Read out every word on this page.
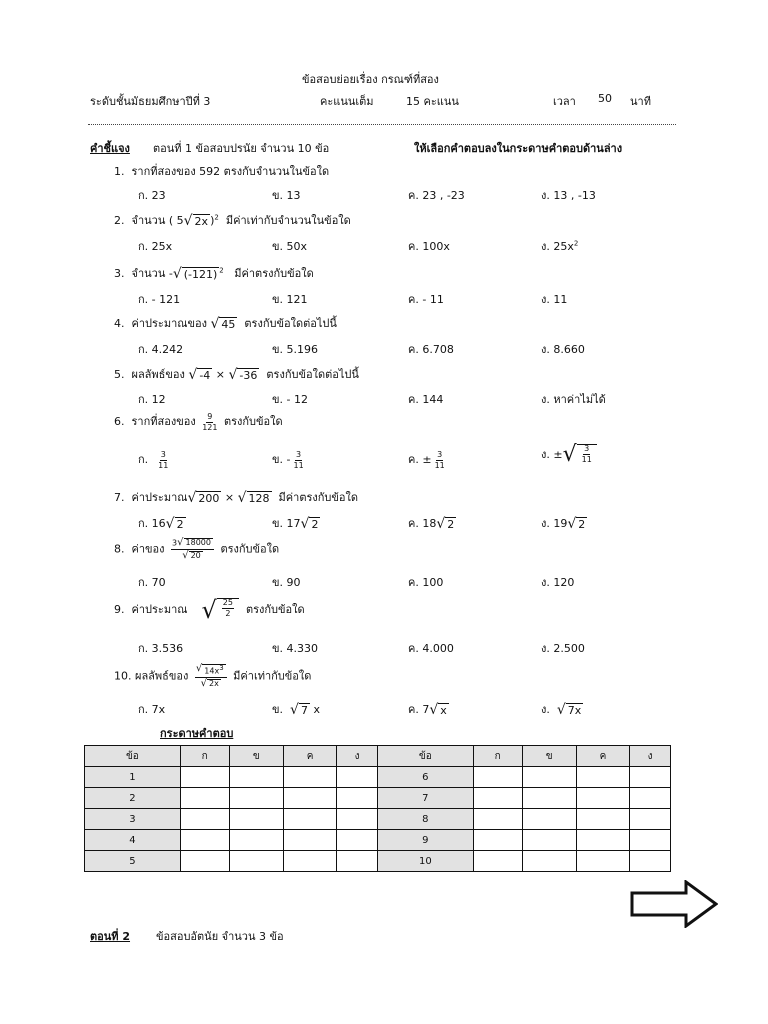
ข้อสอบย่อยเรื่อง กรณฑ์ที่สอง
ระดับชั้นมัธยมศึกษาปีที่ 3	คะแนนเต็ม	15 คะแนน	เวลา 50 นาที
คำชี้แจง ตอนที่ 1 ข้อสอบปรนัย จำนวน 10 ข้อ	ให้เลือกคำตอบลงในกระดาษคำตอบด้านล่าง
1. รากที่สองของ 592 ตรงกับจำนวนในข้อใด
ก. 23	ข. 13	ค. 23 , -23	ง. 13 , -13
2. จำนวน ( 5 √ 2x )$^2$ มีค่าเท่ากับจำนวนในข้อใด
ก. 25x	ข. 50x	ค. 100x	ง. $25x^2$
3. จำนวน - √ (-121) $^2$ มีค่าตรงกับข้อใด
ก. - 121	ข. 121	ค. - 11	ง. 11
4. ค่าประมาณของ √ 45 ตรงกับข้อใดต่อไปนี้
ก. 4.242	ข. 5.196	ค. 6.708	ง. 8.660
5. ผลลัพธ์ของ √ -4 × √ -36 ตรงกับข้อใดต่อไปนี้
ก. 12	ข. - 12	ค. 144	ง. หาค่าไม่ได้
6. รากที่สองของ $\frac{9}{121}$ ตรงกับข้อใด
ก. $\frac{3}{11}$	ข. - $\frac{3}{11}$	ค. ± $\frac{3}{11}$	ง. ± √ $\frac{3}{11}$
7. ค่าประมาณ √ 200 × √ 128 มีค่าตรงกับข้อใด
ก. 16 √ 2	ข. 17 √ 2	ค. 18 √ 2	ง. 19 √ 2
8. ค่าของ $\frac{3 √ 18000}{√ 20}$ ตรงกับข้อใด
ก. 70	ข. 90	ค. 100	ง. 120
9. ค่าประมาณ √ $\frac{25}{2}$ ตรงกับข้อใด
ก. 3.536	ข. 4.330	ค. 4.000	ง. 2.500
10. ผลลัพธ์ของ $\frac{√ 14x3}{√ 2x}$ มีค่าเท่ากับข้อใด
ก. 7x	ข. √ 7 x	ค. 7 √ x	ง. √ 7x
กระดาษคำตอบ
ข้อ	ก	ข	ค	ง	ข้อ	ก	ข	ค	ง
1					6				
2					7				
3					8				
4					9				
5					10				
ตอนที่ 2 ข้อสอบอัตนัย จำนวน 3 ข้อ
